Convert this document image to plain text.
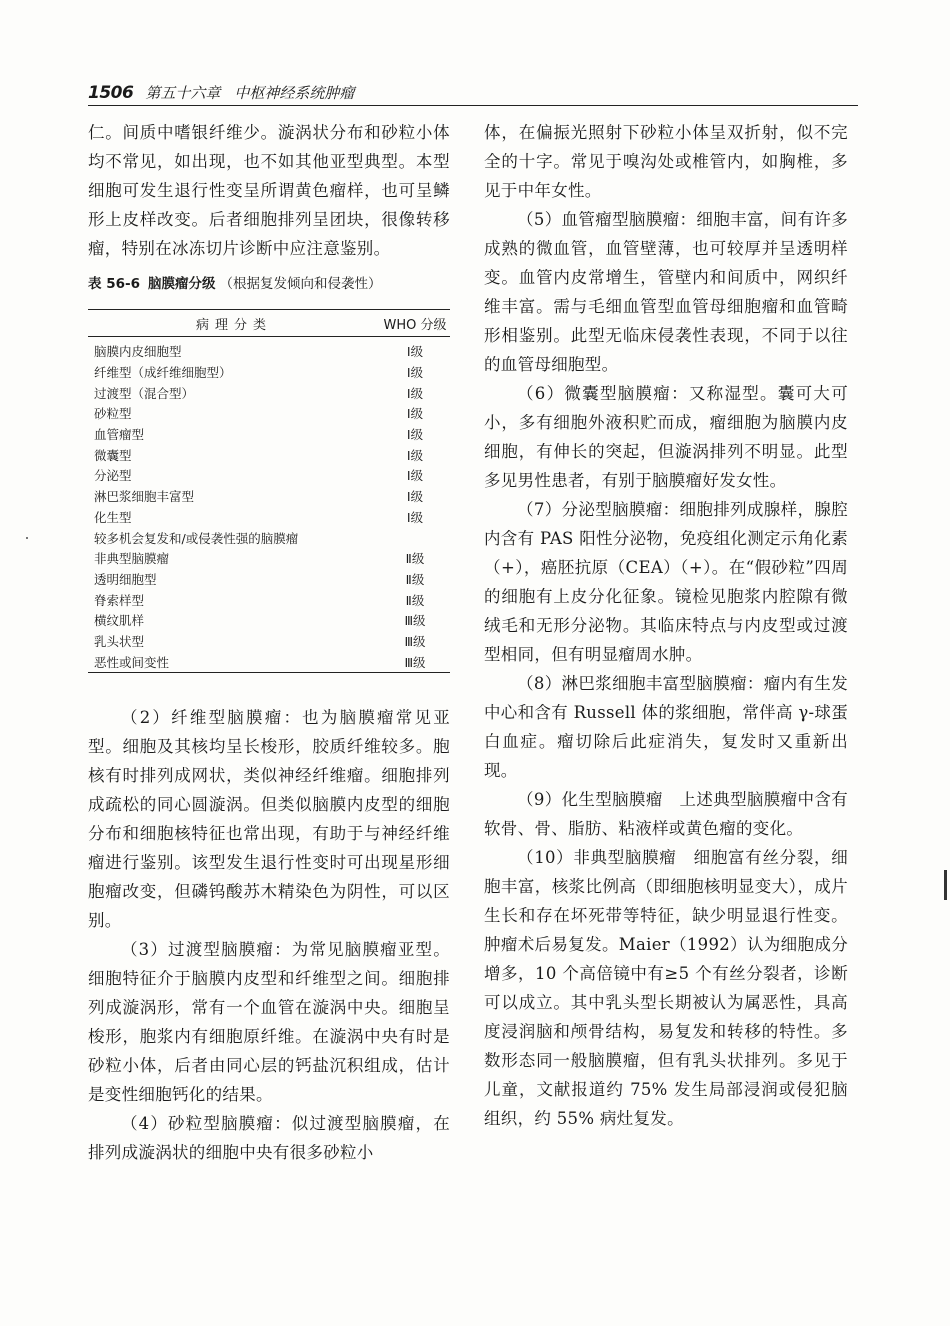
1506 第五十六章 中枢神经系统肿瘤

仁。间质中嗜银纤维少。漩涡状分布和砂粒小体均不常见，如出现，也不如其他亚型典型。本型细胞可发生退行性变呈所谓黄色瘤样，也可呈鳞形上皮样改变。后者细胞排列呈团块，很像转移瘤，特别在冰冻切片诊断中应注意鉴别。

表 56-6 脑膜瘤分级 （根据复发倾向和侵袭性）
病理分类	WHO 分级
脑膜内皮细胞型	Ⅰ级
纤维型（成纤维细胞型）	Ⅰ级
过渡型（混合型）	Ⅰ级
砂粒型	Ⅰ级
血管瘤型	Ⅰ级
微囊型	Ⅰ级
分泌型	Ⅰ级
淋巴浆细胞丰富型	Ⅰ级
化生型	Ⅰ级
较多机会复发和/或侵袭性强的脑膜瘤
非典型脑膜瘤	Ⅱ级
透明细胞型	Ⅱ级
脊索样型	Ⅱ级
横纹肌样	Ⅲ级
乳头状型	Ⅲ级
恶性或间变性	Ⅲ级

（2）纤维型脑膜瘤：也为脑膜瘤常见亚型。细胞及其核均呈长梭形，胶质纤维较多。胞核有时排列成网状，类似神经纤维瘤。细胞排列成疏松的同心圆漩涡。但类似脑膜内皮型的细胞分布和细胞核特征也常出现，有助于与神经纤维瘤进行鉴别。该型发生退行性变时可出现星形细胞瘤改变，但磷钨酸苏木精染色为阴性，可以区别。

（3）过渡型脑膜瘤：为常见脑膜瘤亚型。细胞特征介于脑膜内皮型和纤维型之间。细胞排列成漩涡形，常有一个血管在漩涡中央。细胞呈梭形，胞浆内有细胞原纤维。在漩涡中央有时是砂粒小体，后者由同心层的钙盐沉积组成，估计是变性细胞钙化的结果。

（4）砂粒型脑膜瘤：似过渡型脑膜瘤，在排列成漩涡状的细胞中央有很多砂粒小

体，在偏振光照射下砂粒小体呈双折射，似不完全的十字。常见于嗅沟处或椎管内，如胸椎，多见于中年女性。

（5）血管瘤型脑膜瘤：细胞丰富，间有许多成熟的微血管，血管壁薄，也可较厚并呈透明样变。血管内皮常增生，管壁内和间质中，网织纤维丰富。需与毛细血管型血管母细胞瘤和血管畸形相鉴别。此型无临床侵袭性表现，不同于以往的血管母细胞型。

（6）微囊型脑膜瘤：又称湿型。囊可大可小，多有细胞外液积贮而成，瘤细胞为脑膜内皮细胞，有伸长的突起，但漩涡排列不明显。此型多见男性患者，有别于脑膜瘤好发女性。

（7）分泌型脑膜瘤：细胞排列成腺样，腺腔内含有 PAS 阳性分泌物，免疫组化测定示角化素（+），癌胚抗原（CEA）（+）。在“假砂粒”四周的细胞有上皮分化征象。镜检见胞浆内腔隙有微绒毛和无形分泌物。其临床特点与内皮型或过渡型相同，但有明显瘤周水肿。

（8）淋巴浆细胞丰富型脑膜瘤：瘤内有生发中心和含有 Russell 体的浆细胞，常伴高 γ-球蛋白血症。瘤切除后此症消失，复发时又重新出现。

（9）化生型脑膜瘤　上述典型脑膜瘤中含有软骨、骨、脂肪、粘液样或黄色瘤的变化。

（10）非典型脑膜瘤　细胞富有丝分裂，细胞丰富，核浆比例高（即细胞核明显变大），成片生长和存在坏死带等特征，缺少明显退行性变。肿瘤术后易复发。Maier（1992）认为细胞成分增多，10 个高倍镜中有≥5 个有丝分裂者，诊断可以成立。其中乳头型长期被认为属恶性，具高度浸润脑和颅骨结构，易复发和转移的特性。多数形态同一般脑膜瘤，但有乳头状排列。多见于儿童，文献报道约 75% 发生局部浸润或侵犯脑组织，约 55% 病灶复发。
